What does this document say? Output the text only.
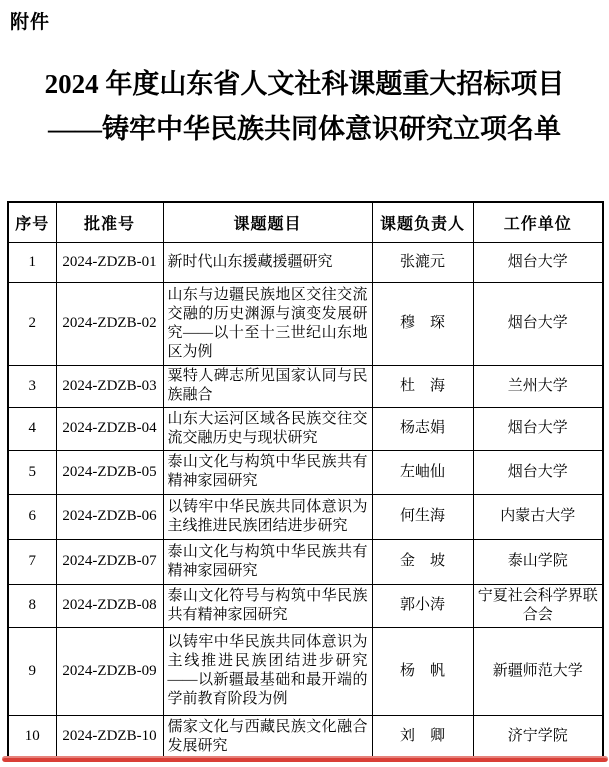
附件
2024 年度山东省人文社科课题重大招标项目
——铸牢中华民族共同体意识研究立项名单
序号	批准号	课题题目	课题负责人	工作单位
1	2024-ZDZB-01	新时代山东援藏援疆研究	张漉元	烟台大学
2	2024-ZDZB-02	山东与边疆民族地区交往交流交融的历史渊源与演变发展研究——以十至十三世纪山东地区为例	穆　琛	烟台大学
3	2024-ZDZB-03	粟特人碑志所见国家认同与民族融合	杜　海	兰州大学
4	2024-ZDZB-04	山东大运河区域各民族交往交流交融历史与现状研究	杨志娟	烟台大学
5	2024-ZDZB-05	泰山文化与构筑中华民族共有精神家园研究	左岫仙	烟台大学
6	2024-ZDZB-06	以铸牢中华民族共同体意识为主线推进民族团结进步研究	何生海	内蒙古大学
7	2024-ZDZB-07	泰山文化与构筑中华民族共有精神家园研究	金　坡	泰山学院
8	2024-ZDZB-08	泰山文化符号与构筑中华民族共有精神家园研究	郭小涛	宁夏社会科学界联合会
9	2024-ZDZB-09	以铸牢中华民族共同体意识为主线推进民族团结进步研究——以新疆最基础和最开端的学前教育阶段为例	杨　帆	新疆师范大学
10	2024-ZDZB-10	儒家文化与西藏民族文化融合发展研究	刘　卿	济宁学院
